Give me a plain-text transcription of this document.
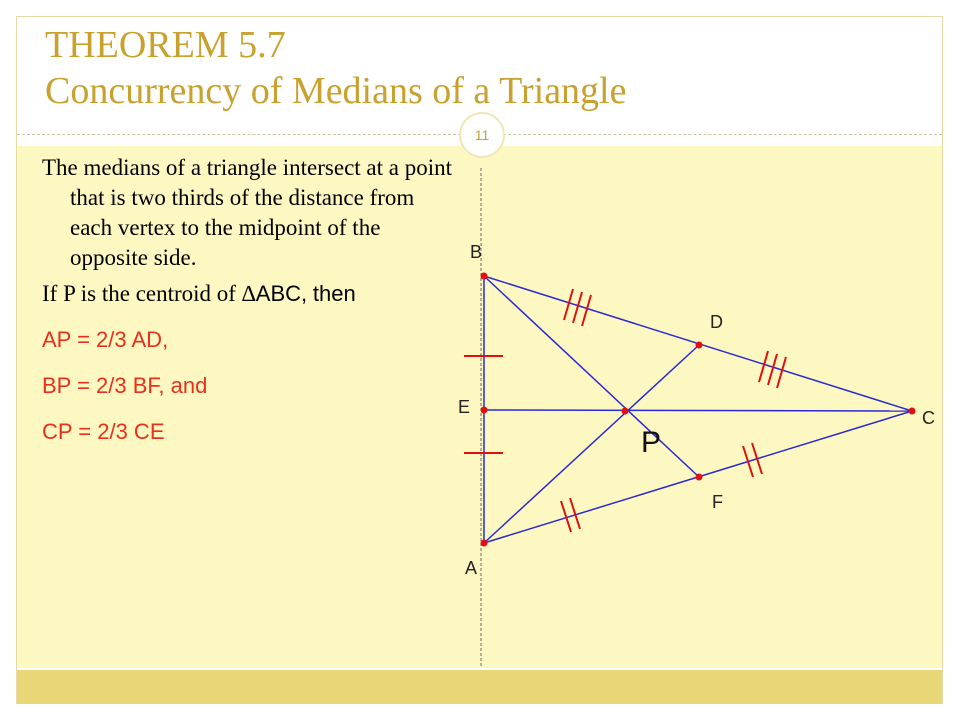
THEOREM 5.7
Concurrency of Medians of a Triangle
11
The medians of a triangle intersect at a point that is two thirds of the distance from each vertex to the midpoint of the opposite side.
If P is the centroid of ∆ABC, then
AP = 2/3 AD,
BP = 2/3 BF, and
CP = 2/3 CE
B
A
C
D
E
F
P
